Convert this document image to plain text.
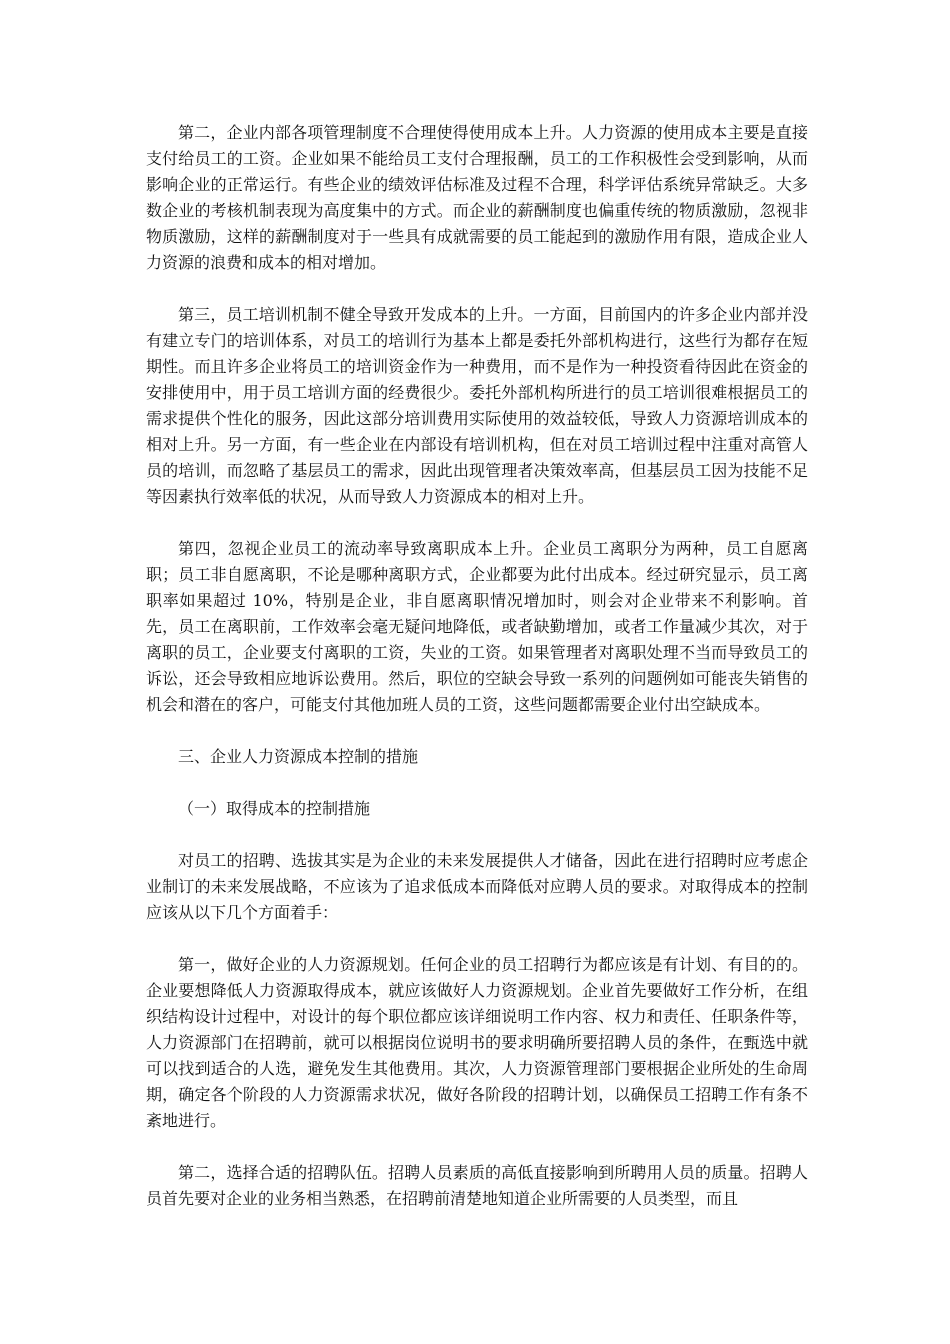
第二，企业内部各项管理制度不合理使得使用成本上升。人力资源的使用成本主要是直接支付给员工的工资。企业如果不能给员工支付合理报酬，员工的工作积极性会受到影响，从而影响企业的正常运行。有些企业的绩效评估标准及过程不合理，科学评估系统异常缺乏。大多数企业的考核机制表现为高度集中的方式。而企业的薪酬制度也偏重传统的物质激励，忽视非物质激励，这样的薪酬制度对于一些具有成就需要的员工能起到的激励作用有限，造成企业人力资源的浪费和成本的相对增加。

第三，员工培训机制不健全导致开发成本的上升。一方面，目前国内的许多企业内部并没有建立专门的培训体系，对员工的培训行为基本上都是委托外部机构进行，这些行为都存在短期性。而且许多企业将员工的培训资金作为一种费用，而不是作为一种投资看待因此在资金的安排使用中，用于员工培训方面的经费很少。委托外部机构所进行的员工培训很难根据员工的需求提供个性化的服务，因此这部分培训费用实际使用的效益较低，导致人力资源培训成本的相对上升。另一方面，有一些企业在内部设有培训机构，但在对员工培训过程中注重对高管人员的培训，而忽略了基层员工的需求，因此出现管理者决策效率高，但基层员工因为技能不足等因素执行效率低的状况，从而导致人力资源成本的相对上升。

第四，忽视企业员工的流动率导致离职成本上升。企业员工离职分为两种，员工自愿离职；员工非自愿离职，不论是哪种离职方式，企业都要为此付出成本。经过研究显示，员工离职率如果超过 10%，特别是企业，非自愿离职情况增加时，则会对企业带来不利影响。首先，员工在离职前，工作效率会毫无疑问地降低，或者缺勤增加，或者工作量减少其次，对于离职的员工，企业要支付离职的工资，失业的工资。如果管理者对离职处理不当而导致员工的诉讼，还会导致相应地诉讼费用。然后，职位的空缺会导致一系列的问题例如可能丧失销售的机会和潜在的客户，可能支付其他加班人员的工资，这些问题都需要企业付出空缺成本。

三、企业人力资源成本控制的措施

（一）取得成本的控制措施

对员工的招聘、选拔其实是为企业的未来发展提供人才储备，因此在进行招聘时应考虑企业制订的未来发展战略，不应该为了追求低成本而降低对应聘人员的要求。对取得成本的控制应该从以下几个方面着手：

第一，做好企业的人力资源规划。任何企业的员工招聘行为都应该是有计划、有目的的。企业要想降低人力资源取得成本，就应该做好人力资源规划。企业首先要做好工作分析，在组织结构设计过程中，对设计的每个职位都应该详细说明工作内容、权力和责任、任职条件等，人力资源部门在招聘前，就可以根据岗位说明书的要求明确所要招聘人员的条件，在甄选中就可以找到适合的人选，避免发生其他费用。其次，人力资源管理部门要根据企业所处的生命周期，确定各个阶段的人力资源需求状况，做好各阶段的招聘计划，以确保员工招聘工作有条不紊地进行。

第二，选择合适的招聘队伍。招聘人员素质的高低直接影响到所聘用人员的质量。招聘人员首先要对企业的业务相当熟悉，在招聘前清楚地知道企业所需要的人员类型，而且
